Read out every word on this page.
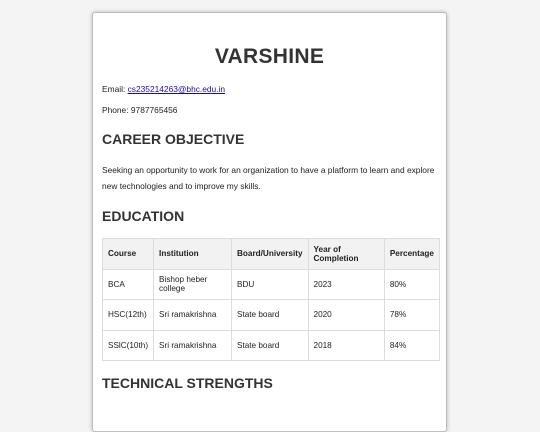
VARSHINE

Email: cs235214263@bhc.edu.in

Phone: 9787765456

CAREER OBJECTIVE

Seeking an opportunity to work for an organization to have a platform to learn and explore new technologies and to improve my skills.

EDUCATION
Course	Institution	Board/University	Year of Completion	Percentage
BCA	Bishop heber college	BDU	2023	80%
HSC(12th)	Sri ramakrishna	State board	2020	78%
SSlC(10th)	Sri ramakrishna	State board	2018	84%
TECHNICAL STRENGTHS
